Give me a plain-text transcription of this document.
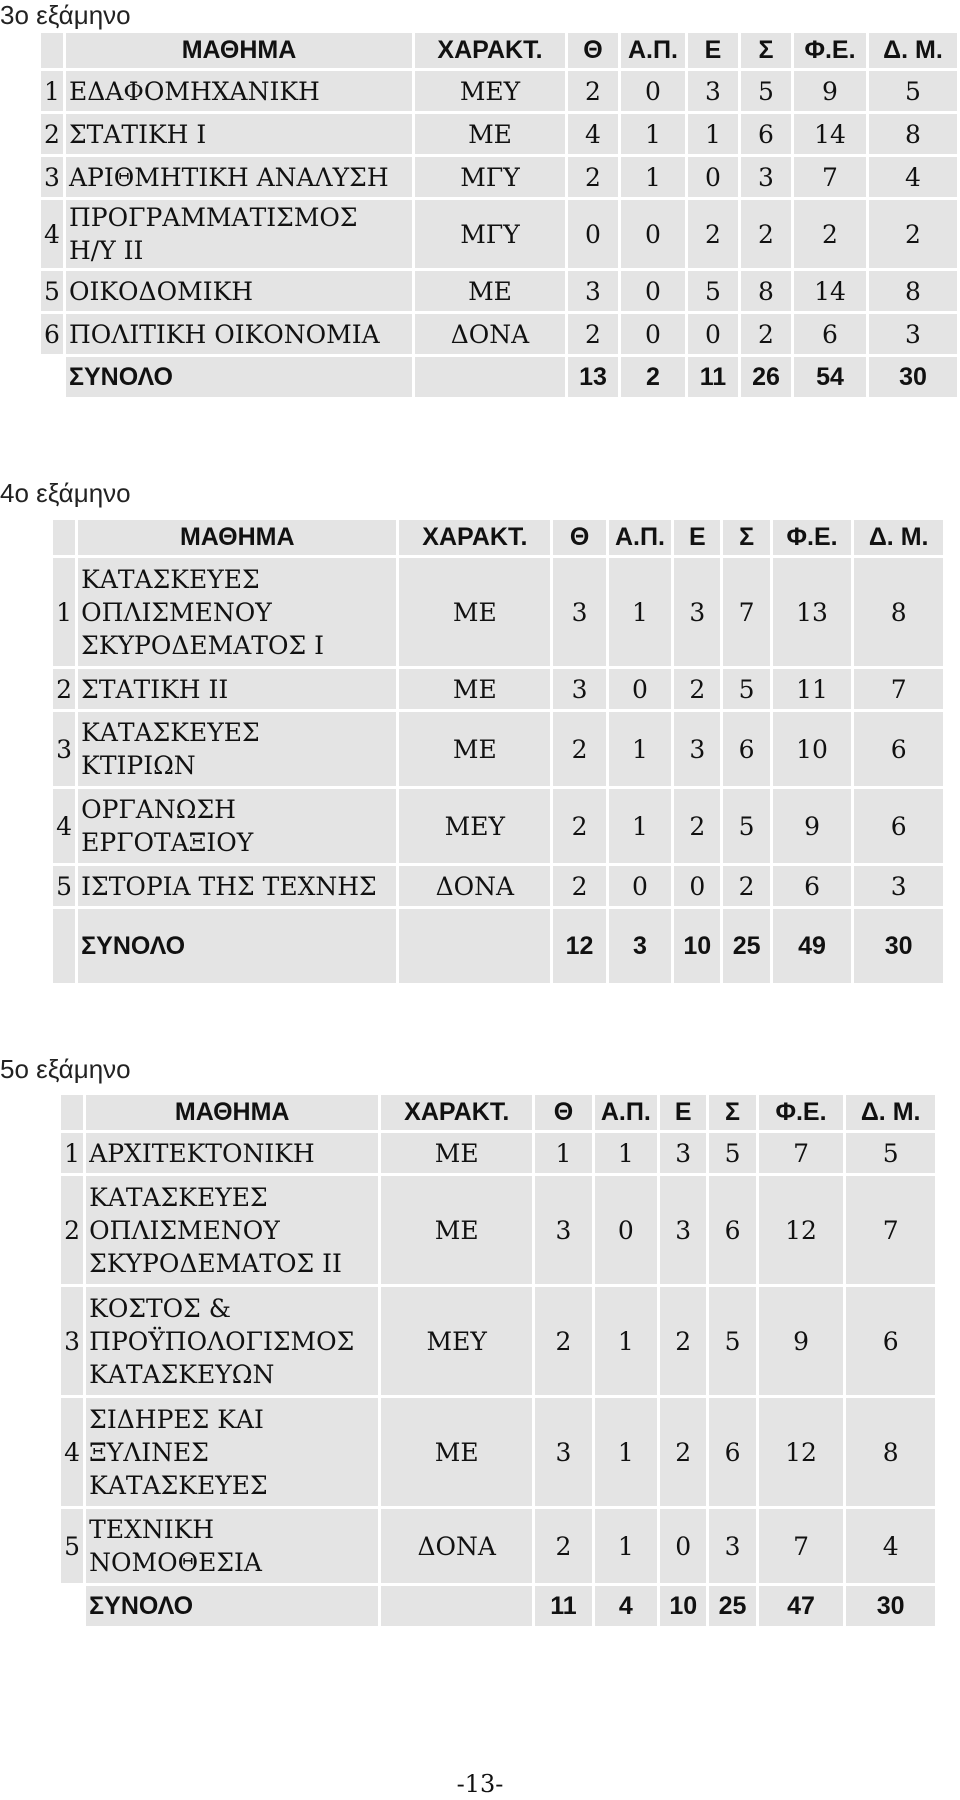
3ο εξάμηνο
	ΜΑΘΗΜΑ	ΧΑΡΑΚΤ.	Θ	Α.Π.	Ε	Σ	Φ.Ε.	Δ. Μ.
1	ΕΔΑΦΟΜΗΧΑΝΙΚΗ	ΜΕΥ	2	0	3	5	9	5
2	ΣΤΑΤΙΚΗ Ι	ΜΕ	4	1	1	6	14	8
3	ΑΡΙΘΜΗΤΙΚΗ ΑΝΑΛΥΣΗ	ΜΓΥ	2	1	0	3	7	4
4	ΠΡΟΓΡΑΜΜΑΤΙΣΜΟΣ Η/Υ ΙΙ	ΜΓΥ	0	0	2	2	2	2
5	ΟΙΚΟΔΟΜΙΚΗ	ΜΕ	3	0	5	8	14	8
6	ΠΟΛΙΤΙΚΗ ΟΙΚΟΝΟΜΙΑ	ΔΟΝΑ	2	0	0	2	6	3
	ΣΥΝΟΛΟ		13	2	11	26	54	30
4ο εξάμηνο
	ΜΑΘΗΜΑ	ΧΑΡΑΚΤ.	Θ	Α.Π.	Ε	Σ	Φ.Ε.	Δ. Μ.
1	ΚΑΤΑΣΚΕΥΕΣ ΟΠΛΙΣΜΕΝΟΥ ΣΚΥΡΟΔΕΜΑΤΟΣ Ι	ΜΕ	3	1	3	7	13	8
2	ΣΤΑΤΙΚΗ ΙΙ	ΜΕ	3	0	2	5	11	7
3	ΚΑΤΑΣΚΕΥΕΣ ΚΤΙΡΙΩΝ	ΜΕ	2	1	3	6	10	6
4	ΟΡΓΑΝΩΣΗ ΕΡΓΟΤΑΞΙΟΥ	ΜΕΥ	2	1	2	5	9	6
5	ΙΣΤΟΡΙΑ ΤΗΣ ΤΕΧΝΗΣ	ΔΟΝΑ	2	0	0	2	6	3
	ΣΥΝΟΛΟ		12	3	10	25	49	30
5ο εξάμηνο
	ΜΑΘΗΜΑ	ΧΑΡΑΚΤ.	Θ	Α.Π.	Ε	Σ	Φ.Ε.	Δ. Μ.
1	ΑΡΧΙΤΕΚΤΟΝΙΚΗ	ΜΕ	1	1	3	5	7	5
2	ΚΑΤΑΣΚΕΥΕΣ ΟΠΛΙΣΜΕΝΟΥ ΣΚΥΡΟΔΕΜΑΤΟΣ ΙΙ	ΜΕ	3	0	3	6	12	7
3	ΚΟΣΤΟΣ & ΠΡΟΫΠΟΛΟΓΙΣΜΟΣ ΚΑΤΑΣΚΕΥΩΝ	ΜΕΥ	2	1	2	5	9	6
4	ΣΙΔΗΡΕΣ ΚΑΙ ΞΥΛΙΝΕΣ ΚΑΤΑΣΚΕΥΕΣ	ΜΕ	3	1	2	6	12	8
5	ΤΕΧΝΙΚΗ ΝΟΜΟΘΕΣΙΑ	ΔΟΝΑ	2	1	0	3	7	4
	ΣΥΝΟΛΟ		11	4	10	25	47	30
-13-
